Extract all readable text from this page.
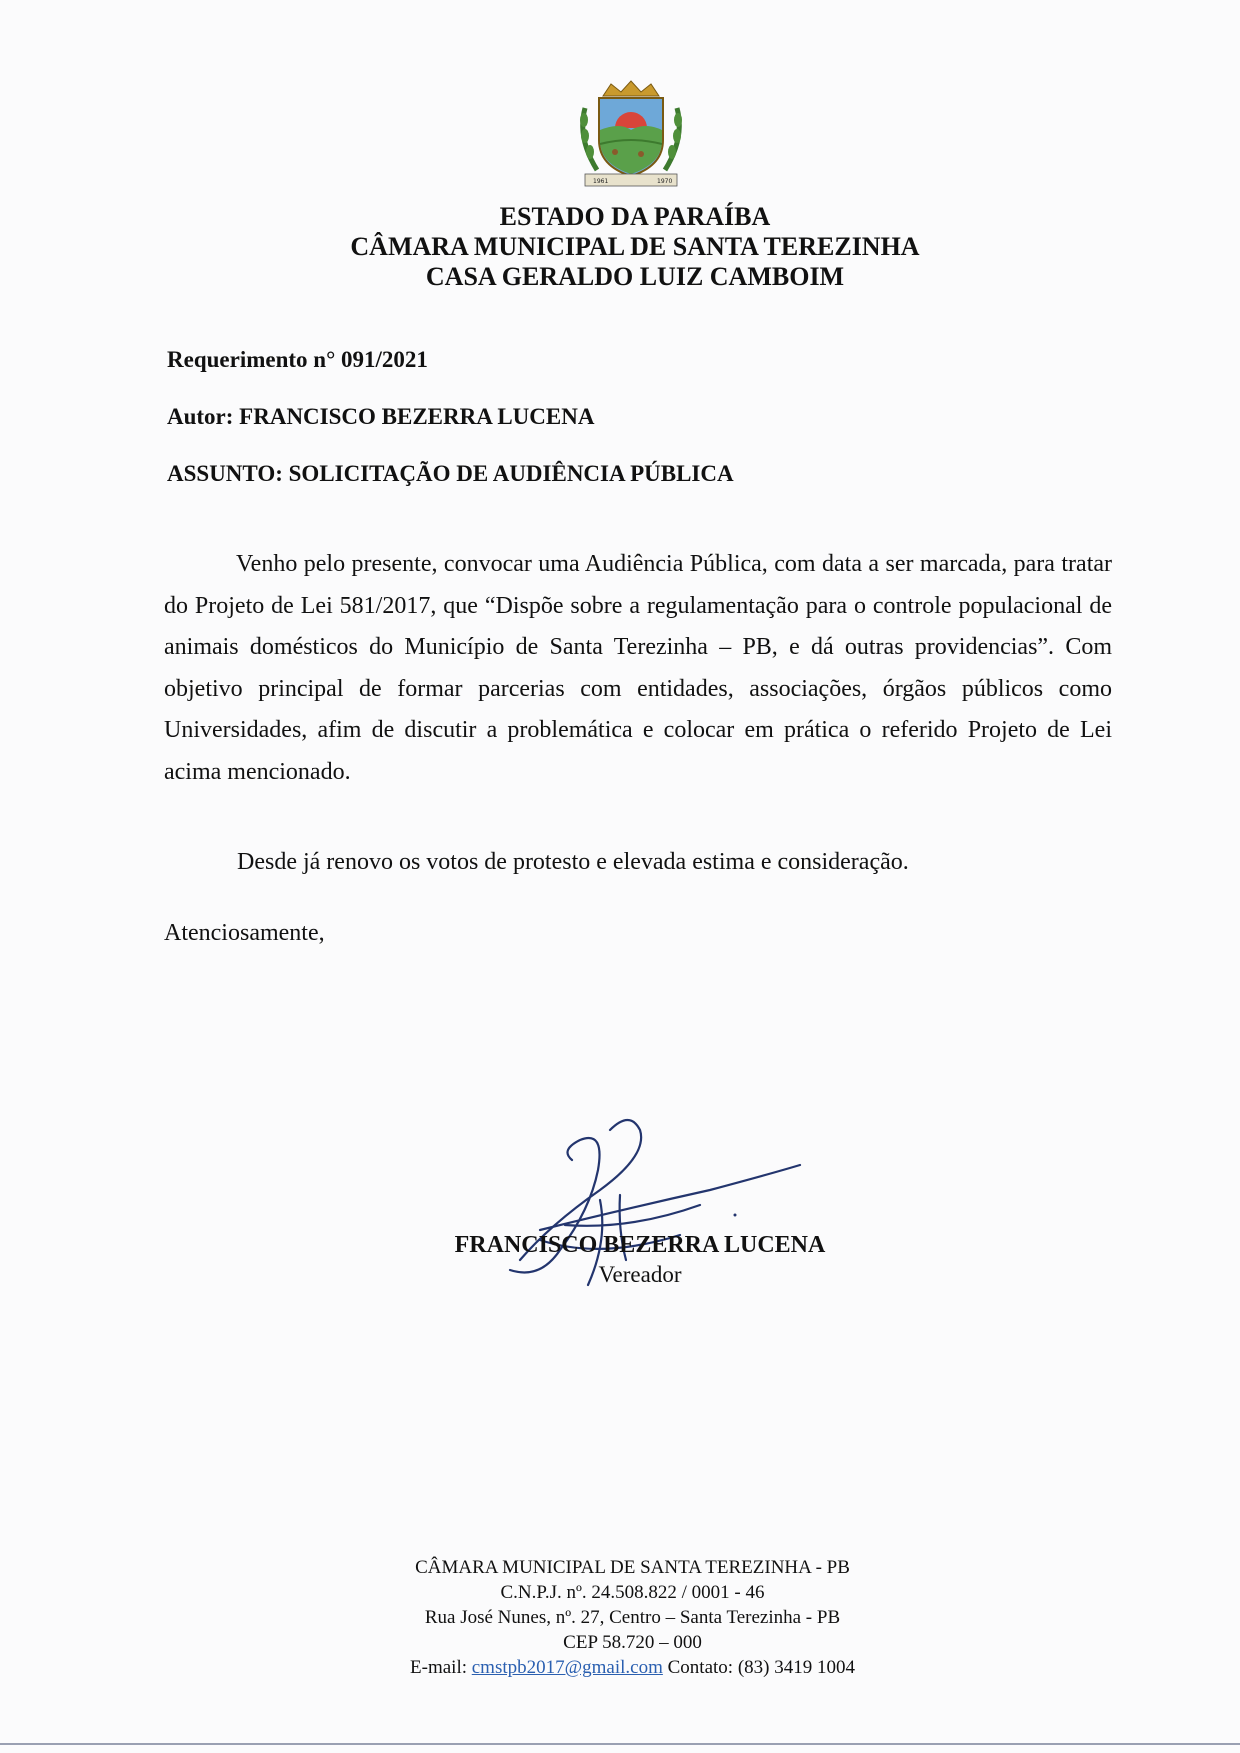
1961	1970
ESTADO DA PARAÍBA
CÂMARA MUNICIPAL DE SANTA TEREZINHA
CASA GERALDO LUIZ CAMBOIM
Requerimento n° 091/2021
Autor: FRANCISCO BEZERRA LUCENA
ASSUNTO: SOLICITAÇÃO DE AUDIÊNCIA PÚBLICA
Venho pelo presente, convocar uma Audiência Pública, com data a ser marcada, para tratar do Projeto de Lei 581/2017, que “Dispõe sobre a regulamentação para o controle populacional de animais domésticos do Município de Santa Terezinha – PB, e dá outras providencias”. Com objetivo principal de formar parcerias com entidades, associações, órgãos públicos como Universidades, afim de discutir a problemática e colocar em prática o referido Projeto de Lei acima mencionado.
Desde já renovo os votos de protesto e elevada estima e consideração.
Atenciosamente,
FRANCISCO BEZERRA LUCENA
Vereador
CÂMARA MUNICIPAL DE SANTA TEREZINHA - PB
C.N.P.J. nº. 24.508.822 / 0001 - 46
Rua José Nunes, nº. 27, Centro – Santa Terezinha - PB
CEP 58.720 – 000
E-mail: cmstpb2017@gmail.com Contato: (83) 3419 1004
